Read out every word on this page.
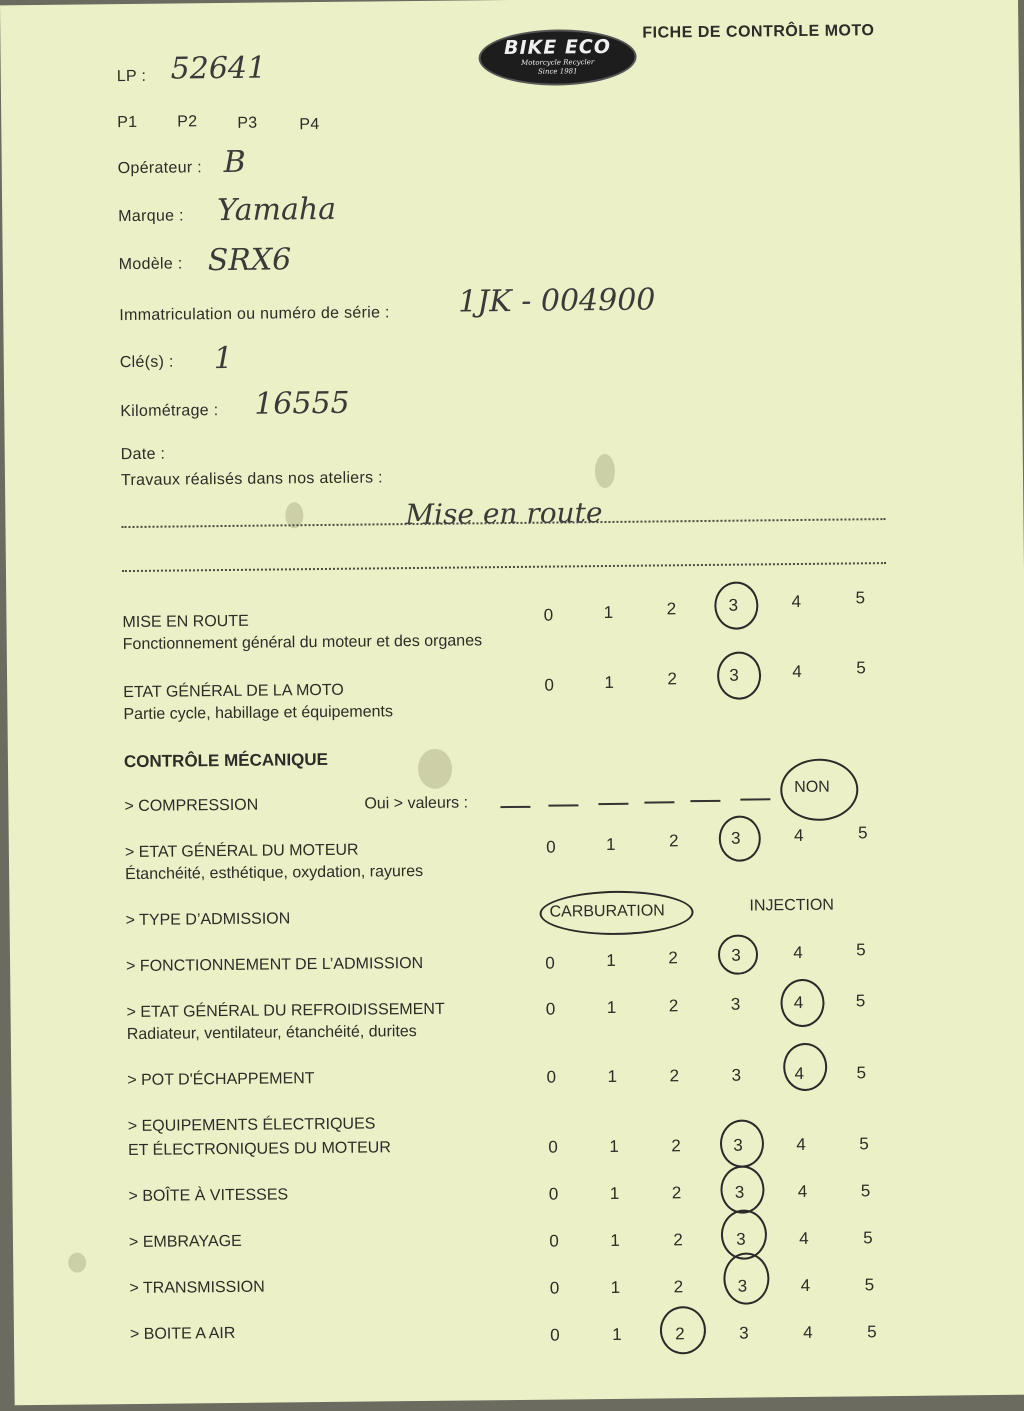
BIKE ECO
Motorcycle Recycler
Since 1981
FICHE DE CONTRÔLE MOTO
LP : 52641
P1 P2 P3	P4
Opérateur : B
Marque : Yamaha
Modèle : SRX6
Immatriculation ou numéro de série : 1JK - 004900
Clé(s) : 1
Kilométrage : 16555
Date :
Travaux réalisés dans nos ateliers :
Mise en route
MISE EN ROUTE
Fonctionnement général du moteur et des organes
0	1	2	3	4	5
ETAT GÉNÉRAL DE LA MOTO
Partie cycle, habillage et équipements
0	1	2	3	4	5
CONTRÔLE MÉCANIQUE
> COMPRESSION	Oui > valeurs :
NON
> ETAT GÉNÉRAL DU MOTEUR
Étanchéité, esthétique, oxydation, rayures
0	1	2	3	4	5
> TYPE D’ADMISSION	CARBURATION	INJECTION
> FONCTIONNEMENT DE L’ADMISSION	0	1	2	3	4	5
> ETAT GÉNÉRAL DU REFROIDISSEMENT
Radiateur, ventilateur, étanchéité, durites
0	1	2	3	4	5
> POT D'ÉCHAPPEMENT	0	1	2	3	4	5
> EQUIPEMENTS ÉLECTRIQUES
ET ÉLECTRONIQUES DU MOTEUR	0	1	2	3	4	5
> BOÎTE À VITESSES	0	1	2	3	4	5
> EMBRAYAGE	0	1	2	3	4	5
> TRANSMISSION	0	1	2	3	4	5
> BOITE A AIR	0	1	2	3	4	5
